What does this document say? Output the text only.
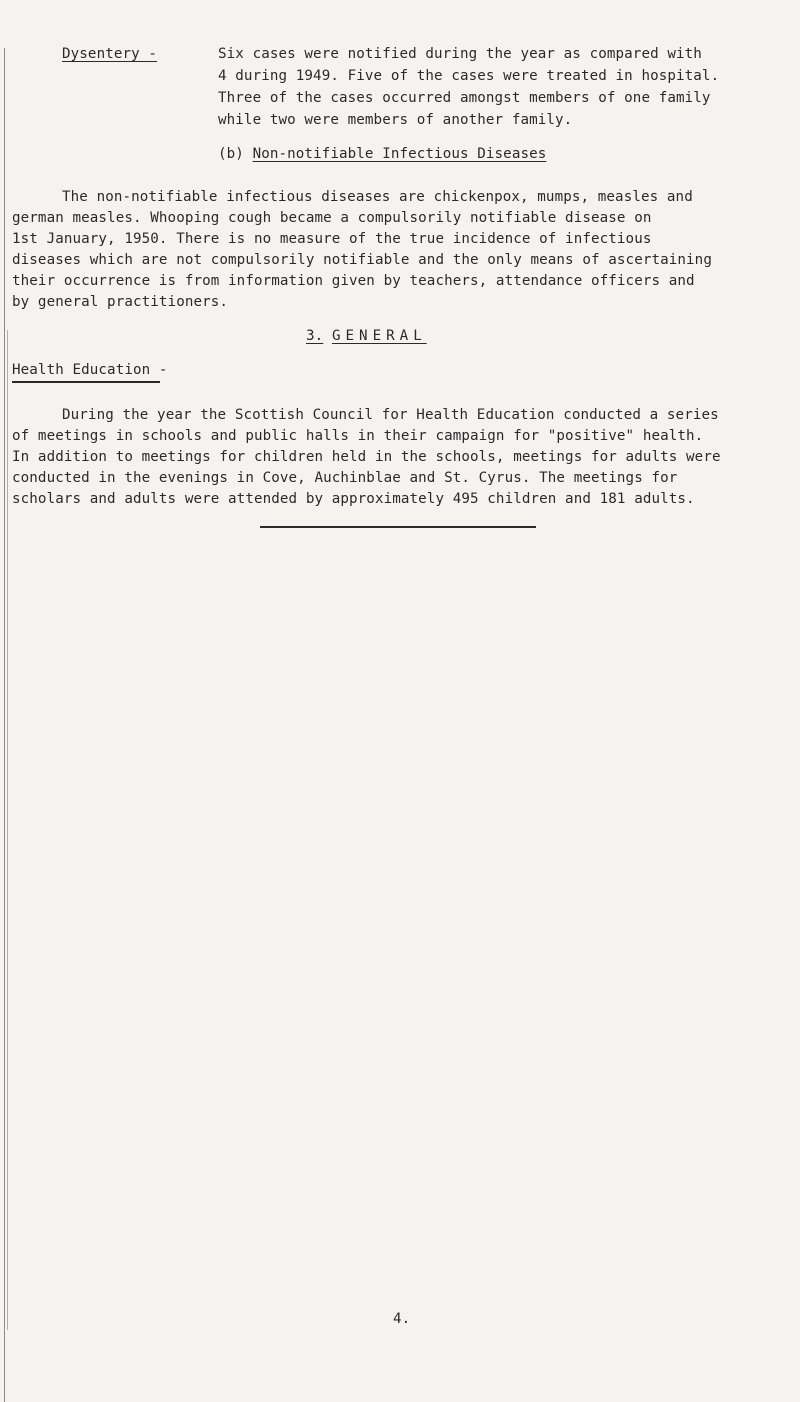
Dysentery -	Six cases were notified during the year as compared with
4 during 1949. Five of the cases were treated in hospital.
Three of the cases occurred amongst members of one family
while two were members of another family.
(b) Non-notifiable Infectious Diseases
The non-notifiable infectious diseases are chickenpox, mumps, measles and
german measles. Whooping cough became a compulsorily notifiable disease on
1st January, 1950. There is no measure of the true incidence of infectious
diseases which are not compulsorily notifiable and the only means of ascertaining
their occurrence is from information given by teachers, attendance officers and
by general practitioners.
3. GENERAL
Health Education -
During the year the Scottish Council for Health Education conducted a series
of meetings in schools and public halls in their campaign for "positive" health.
In addition to meetings for children held in the schools, meetings for adults were
conducted in the evenings in Cove, Auchinblae and St. Cyrus. The meetings for
scholars and adults were attended by approximately 495 children and 181 adults.
4.
